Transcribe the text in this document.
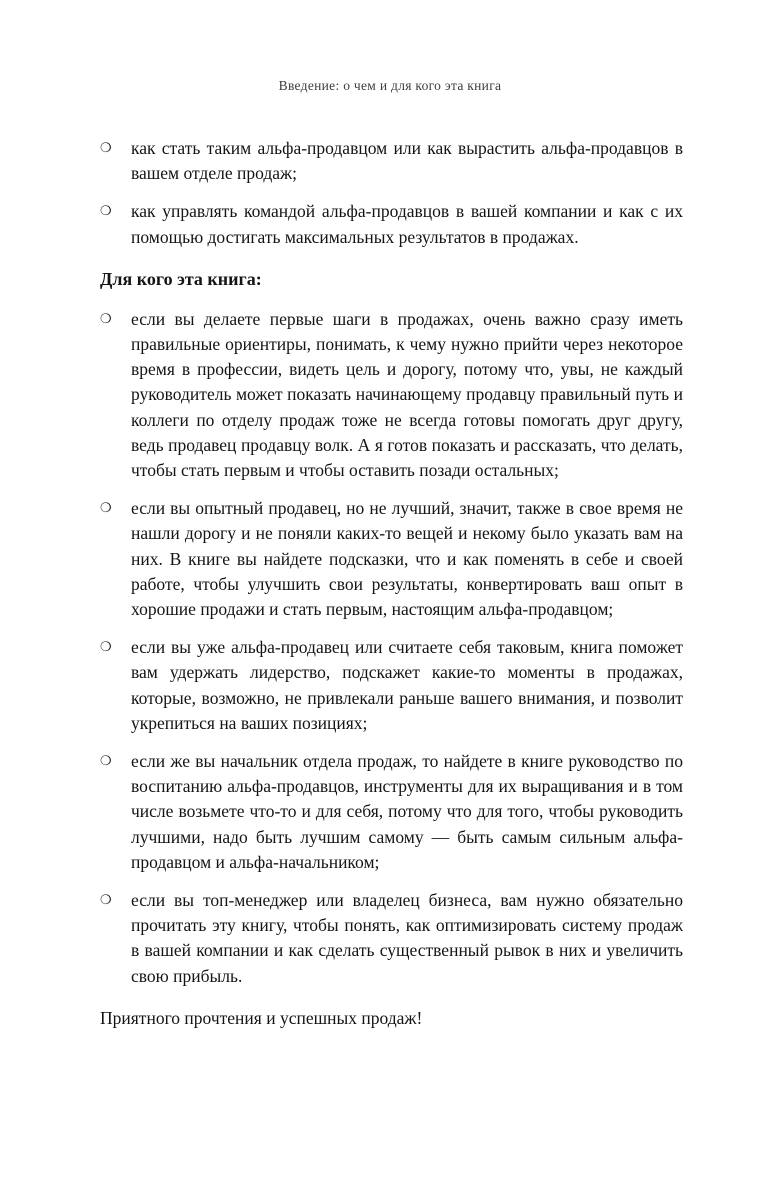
Введение: о чем и для кого эта книга
❍	как стать таким альфа-продавцом или как вырастить альфа-продавцов в вашем отделе продаж;
❍	как управлять командой альфа-продавцов в вашей компании и как с их помощью достигать максимальных результатов в продажах.
Для кого эта книга:
❍	если вы делаете первые шаги в продажах, очень важно сразу иметь правильные ориентиры, понимать, к чему нужно прийти через некоторое время в профессии, видеть цель и дорогу, потому что, увы, не каждый руководитель может показать начинающему продавцу правильный путь и коллеги по отделу продаж тоже не всегда готовы помогать друг другу, ведь продавец продавцу волк. А я готов показать и рассказать, что делать, чтобы стать первым и чтобы оставить позади остальных;
❍	если вы опытный продавец, но не лучший, значит, также в свое время не нашли дорогу и не поняли каких-то вещей и некому было указать вам на них. В книге вы найдете подсказки, что и как поменять в себе и своей работе, чтобы улучшить свои результаты, конвертировать ваш опыт в хорошие продажи и стать первым, настоящим альфа-продавцом;
❍	если вы уже альфа-продавец или считаете себя таковым, книга поможет вам удержать лидерство, подскажет какие-то моменты в продажах, которые, возможно, не привлекали раньше вашего внимания, и позволит укрепиться на ваших позициях;
❍	если же вы начальник отдела продаж, то найдете в книге руководство по воспитанию альфа-продавцов, инструменты для их выращивания и в том числе возьмете что-то и для себя, потому что для того, чтобы руководить лучшими, надо быть лучшим самому — быть самым сильным альфа-продавцом и альфа-начальником;
❍	если вы топ-менеджер или владелец бизнеса, вам нужно обязательно прочитать эту книгу, чтобы понять, как оптимизировать систему продаж в вашей компании и как сделать существенный рывок в них и увеличить свою прибыль.
Приятного прочтения и успешных продаж!
